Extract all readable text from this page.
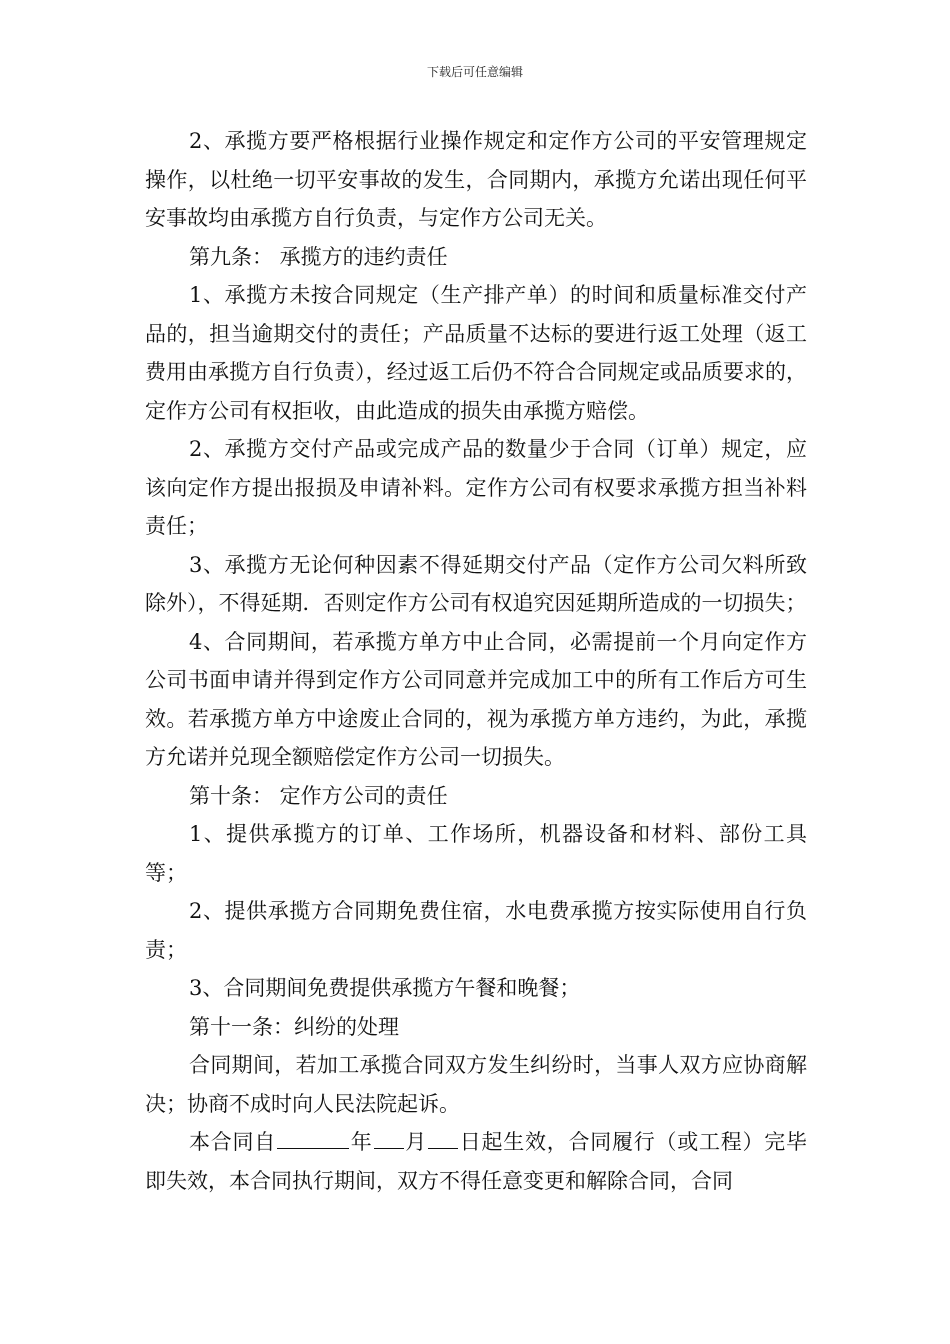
下载后可任意编辑

2、承揽方要严格根据行业操作规定和定作方公司的平安管理规定操作，以杜绝一切平安事故的发生，合同期内，承揽方允诺出现任何平安事故均由承揽方自行负责，与定作方公司无关。

第九条： 承揽方的违约责任

1、承揽方未按合同规定（生产排产单）的时间和质量标准交付产品的，担当逾期交付的责任；产品质量不达标的要进行返工处理（返工费用由承揽方自行负责），经过返工后仍不符合合同规定或品质要求的，定作方公司有权拒收，由此造成的损失由承揽方赔偿。

2、承揽方交付产品或完成产品的数量少于合同（订单）规定，应该向定作方提出报损及申请补料。定作方公司有权要求承揽方担当补料责任；

3、承揽方无论何种因素不得延期交付产品（定作方公司欠料所致除外），不得延期．否则定作方公司有权追究因延期所造成的一切损失；

4、合同期间，若承揽方单方中止合同，必需提前一个月向定作方公司书面申请并得到定作方公司同意并完成加工中的所有工作后方可生效。若承揽方单方中途废止合同的，视为承揽方单方违约，为此，承揽方允诺并兑现全额赔偿定作方公司一切损失。

第十条： 定作方公司的责任

1、提供承揽方的订单、工作场所，机器设备和材料、部份工具等；

2、提供承揽方合同期免费住宿，水电费承揽方按实际使用自行负责；

3、合同期间免费提供承揽方午餐和晚餐；

第十一条：纠纷的处理

合同期间，若加工承揽合同双方发生纠纷时，当事人双方应协商解决；协商不成时向人民法院起诉。

本合同自	年 月 日起生效，合同履行（或工程）完毕即失效，本合同执行期间，双方不得任意变更和解除合同，合同
